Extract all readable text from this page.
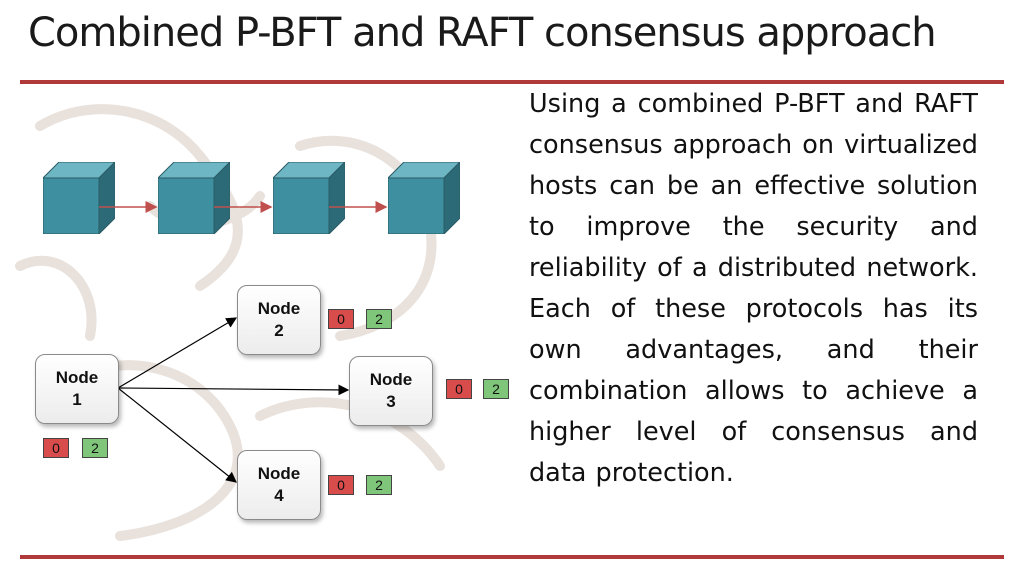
Combined P-BFT and RAFT consensus approach
Node
1
Node
2
Node
3
Node
4
0	2
0	2
0	2
0	2
Using a combined P-BFT and RAFT consensus approach on virtualized hosts can be an effective solution to improve the security and reliability of a distributed network. Each of these protocols has its own advantages, and their combination allows to achieve a higher level of consensus and data protection.
